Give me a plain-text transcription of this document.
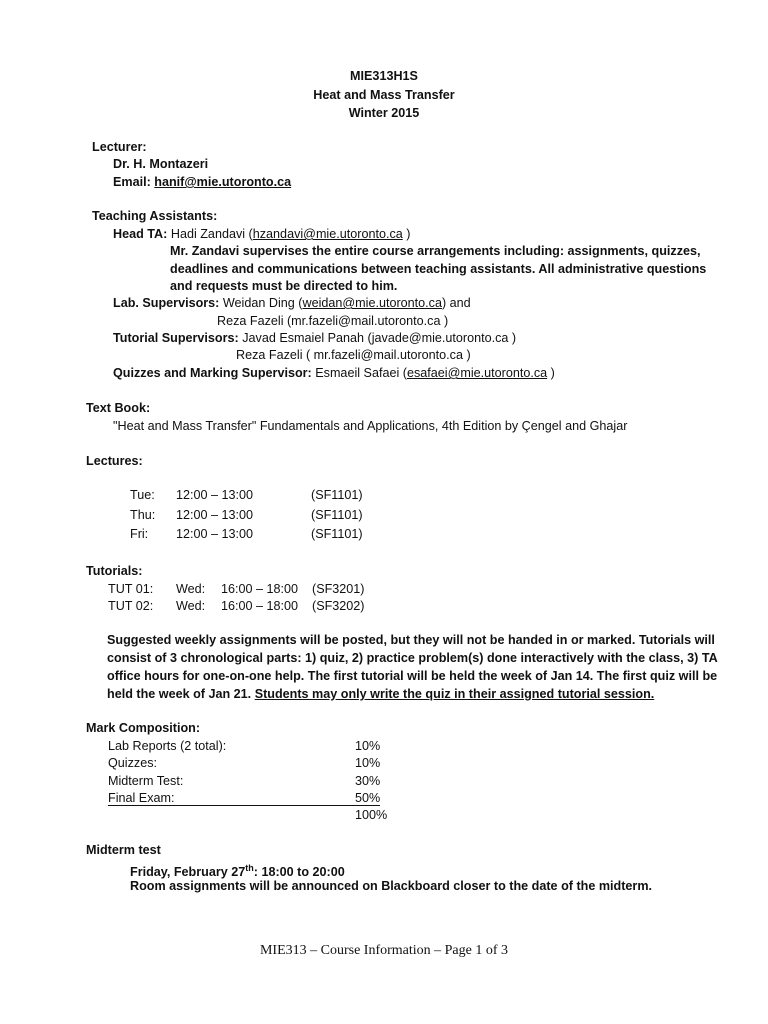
MIE313H1S
Heat and Mass Transfer
Winter 2015
Lecturer:
Dr. H. Montazeri
Email: hanif@mie.utoronto.ca
Teaching Assistants:
Head TA: Hadi Zandavi (hzandavi@mie.utoronto.ca )
Mr. Zandavi supervises the entire course arrangements including: assignments, quizzes,
deadlines and communications between teaching assistants. All administrative questions
and requests must be directed to him.
Lab. Supervisors: Weidan Ding (weidan@mie.utoronto.ca) and
Reza Fazeli (mr.fazeli@mail.utoronto.ca )
Tutorial Supervisors: Javad Esmaiel Panah (javade@mie.utoronto.ca )
Reza Fazeli ( mr.fazeli@mail.utoronto.ca )
Quizzes and Marking Supervisor: Esmaeil Safaei (esafaei@mie.utoronto.ca )
Text Book:
"Heat and Mass Transfer" Fundamentals and Applications, 4th Edition by Çengel and Ghajar
Lectures:
Tue: 12:00 – 13:00	(SF1101)
Thu: 12:00 – 13:00	(SF1101)
Fri: 12:00 – 13:00	(SF1101)
Tutorials:
TUT 01: Wed: 16:00 – 18:00 (SF3201)
TUT 02: Wed: 16:00 – 18:00 (SF3202)
Suggested weekly assignments will be posted, but they will not be handed in or marked. Tutorials will
consist of 3 chronological parts: 1) quiz, 2) practice problem(s) done interactively with the class, 3) TA
office hours for one-on-one help. The first tutorial will be held the week of Jan 14. The first quiz will be
held the week of Jan 21. Students may only write the quiz in their assigned tutorial session.
Mark Composition:
Lab Reports (2 total):	10%
Quizzes:	10%
Midterm Test:	30%
Final Exam:	50%
100%
Midterm test
Friday, February 27th: 18:00 to 20:00
Room assignments will be announced on Blackboard closer to the date of the midterm.
MIE313 – Course Information – Page 1 of 3
